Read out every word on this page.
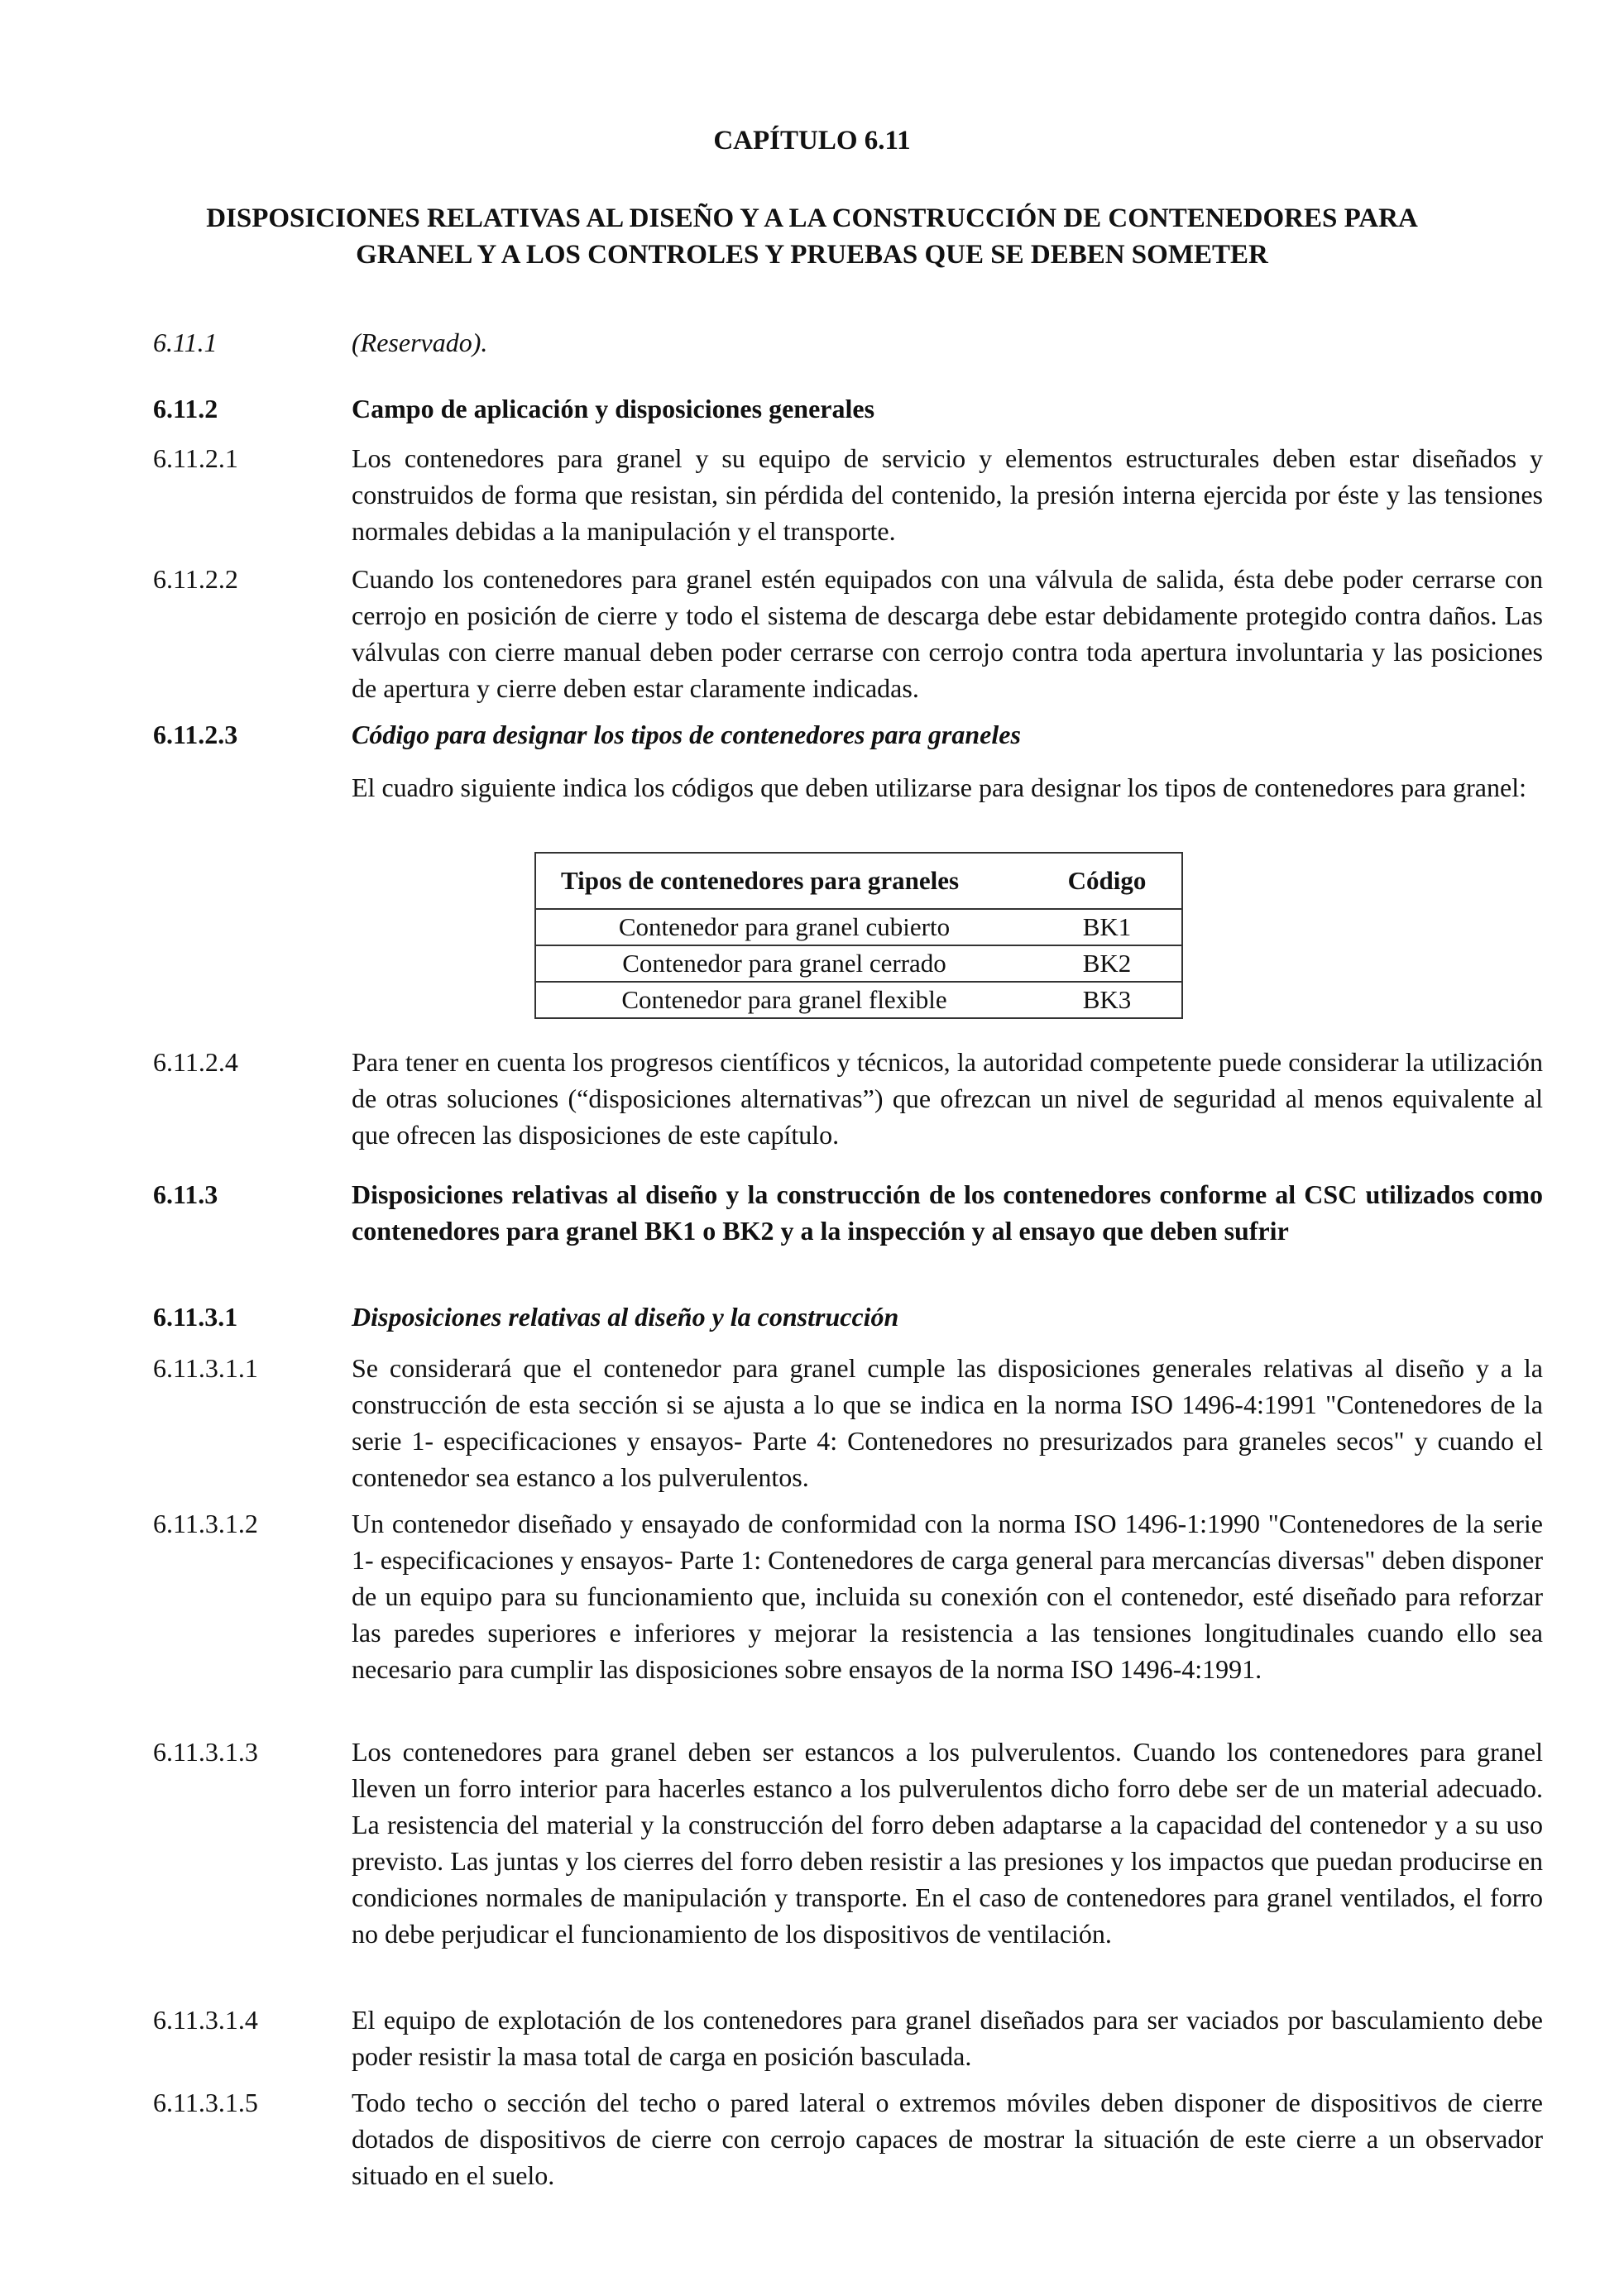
CAPÍTULO 6.11
DISPOSICIONES RELATIVAS AL DISEÑO Y A LA CONSTRUCCIÓN DE CONTENEDORES PARA
GRANEL Y A LOS CONTROLES Y PRUEBAS QUE SE DEBEN SOMETER
6.11.1	(Reservado).
6.11.2	Campo de aplicación y disposiciones generales
6.11.2.1	Los contenedores para granel y su equipo de servicio y elementos estructurales deben estar diseñados y construidos de forma que resistan, sin pérdida del contenido, la presión interna ejercida por éste y las tensiones normales debidas a la manipulación y el transporte.
6.11.2.2	Cuando los contenedores para granel estén equipados con una válvula de salida, ésta debe poder cerrarse con cerrojo en posición de cierre y todo el sistema de descarga debe estar debidamente protegido contra daños. Las válvulas con cierre manual deben poder cerrarse con cerrojo contra toda apertura involuntaria y las posiciones de apertura y cierre deben estar claramente indicadas.
6.11.2.3	Código para designar los tipos de contenedores para graneles
El cuadro siguiente indica los códigos que deben utilizarse para designar los tipos de contenedores para granel:
Tipos de contenedores para graneles	Código
Contenedor para granel cubierto	BK1
Contenedor para granel cerrado	BK2
Contenedor para granel flexible	BK3
6.11.2.4	Para tener en cuenta los progresos científicos y técnicos, la autoridad competente puede considerar la utilización de otras soluciones (“disposiciones alternativas”) que ofrezcan un nivel de seguridad al menos equivalente al que ofrecen las disposiciones de este capítulo.
6.11.3	Disposiciones relativas al diseño y la construcción de los contenedores conforme al CSC utilizados como contenedores para granel BK1 o BK2 y a la inspección y al ensayo que deben sufrir
6.11.3.1	Disposiciones relativas al diseño y la construcción
6.11.3.1.1	Se considerará que el contenedor para granel cumple las disposiciones generales relativas al diseño y a la construcción de esta sección si se ajusta a lo que se indica en la norma ISO 1496-4:1991 "Contenedores de la serie 1- especificaciones y ensayos- Parte 4: Contenedores no presurizados para graneles secos" y cuando el contenedor sea estanco a los pulverulentos.
6.11.3.1.2	Un contenedor diseñado y ensayado de conformidad con la norma ISO 1496-1:1990 "Contenedores de la serie 1- especificaciones y ensayos- Parte 1: Contenedores de carga general para mercancías diversas" deben disponer de un equipo para su funcionamiento que, incluida su conexión con el contenedor, esté diseñado para reforzar las paredes superiores e inferiores y mejorar la resistencia a las tensiones longitudinales cuando ello sea necesario para cumplir las disposiciones sobre ensayos de la norma ISO 1496-4:1991.
6.11.3.1.3	Los contenedores para granel deben ser estancos a los pulverulentos. Cuando los contenedores para granel lleven un forro interior para hacerles estanco a los pulverulentos dicho forro debe ser de un material adecuado. La resistencia del material y la construcción del forro deben adaptarse a la capacidad del contenedor y a su uso previsto. Las juntas y los cierres del forro deben resistir a las presiones y los impactos que puedan producirse en condiciones normales de manipulación y transporte. En el caso de contenedores para granel ventilados, el forro no debe perjudicar el funcionamiento de los dispositivos de ventilación.
6.11.3.1.4	El equipo de explotación de los contenedores para granel diseñados para ser vaciados por basculamiento debe poder resistir la masa total de carga en posición basculada.
6.11.3.1.5	Todo techo o sección del techo o pared lateral o extremos móviles deben disponer de dispositivos de cierre dotados de dispositivos de cierre con cerrojo capaces de mostrar la situación de este cierre a un observador situado en el suelo.
